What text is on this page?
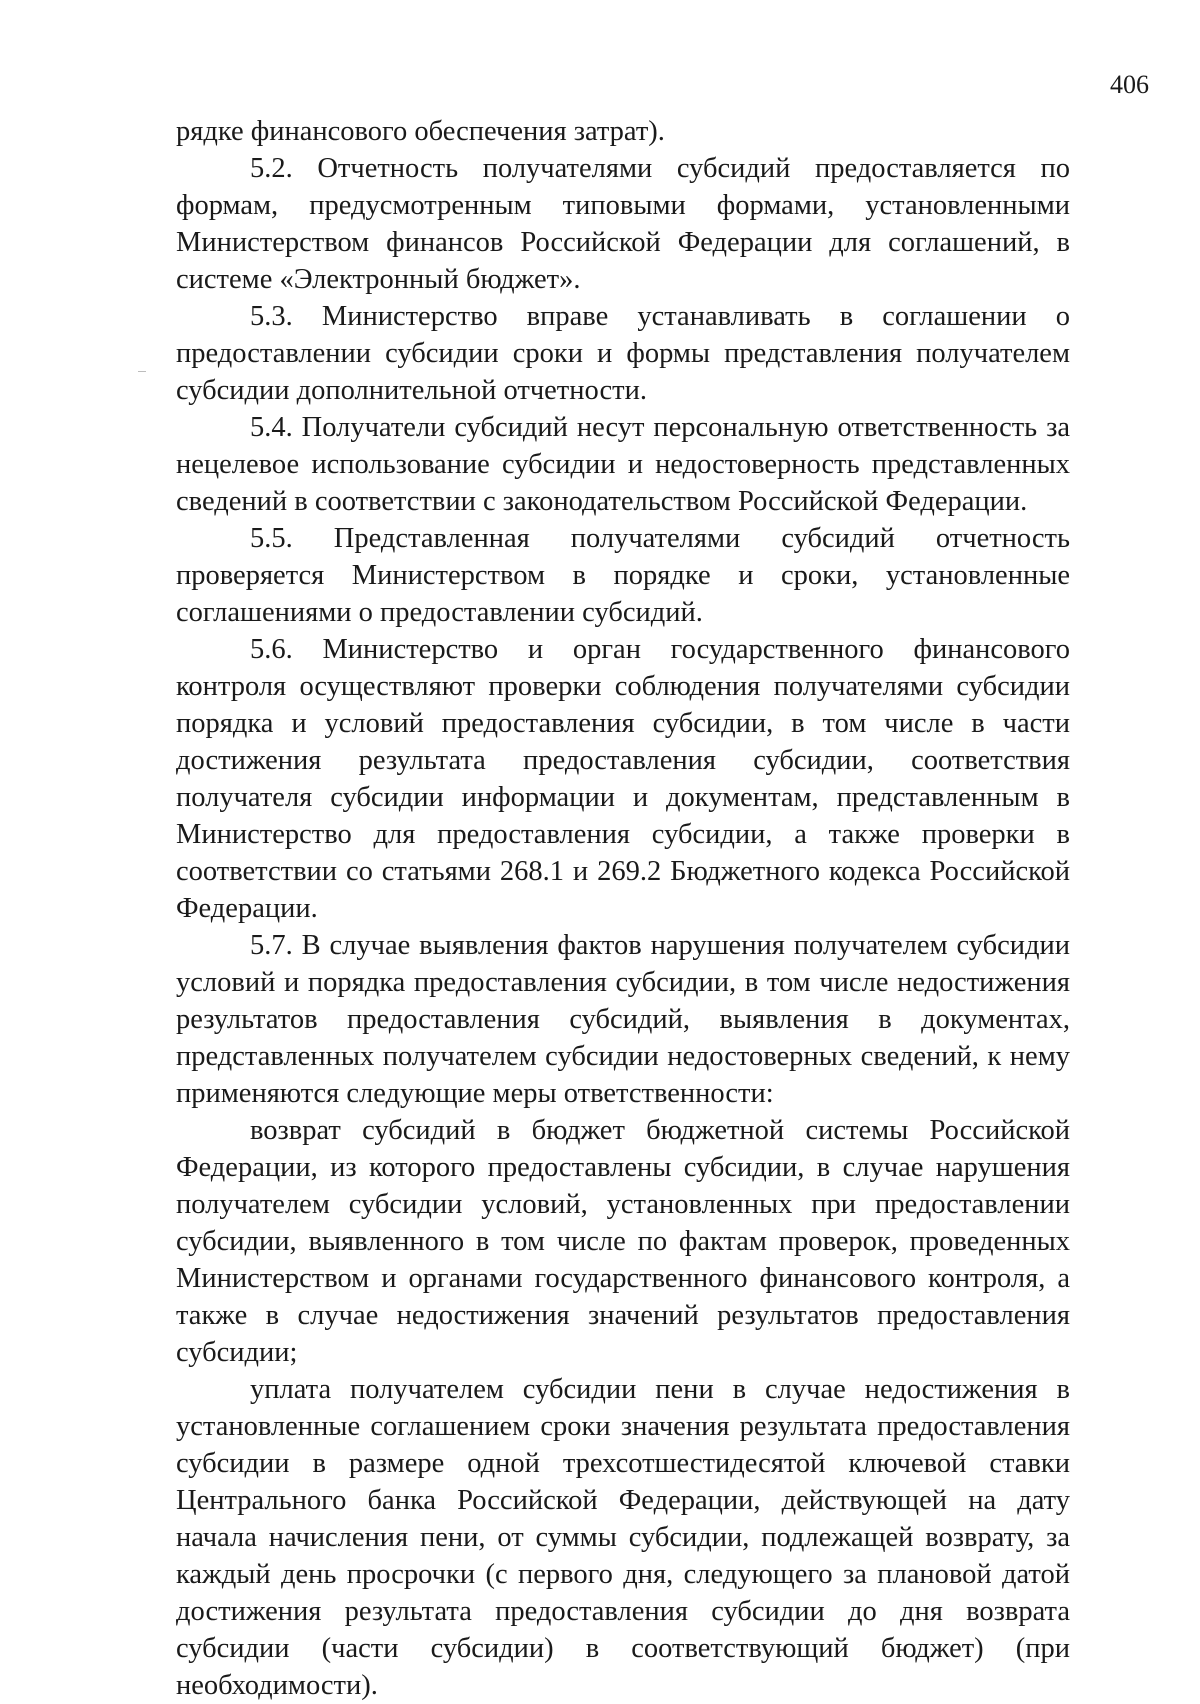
406

рядке финансового обеспечения затрат).

5.2. Отчетность получателями субсидий предоставляется по формам, предусмотренным типовыми формами, установленными Министерством финансов Российской Федерации для соглашений, в системе «Электронный бюджет».

5.3. Министерство вправе устанавливать в соглашении о предоставлении субсидии сроки и формы представления получателем субсидии дополнительной отчетности.

5.4. Получатели субсидий несут персональную ответственность за нецелевое использование субсидии и недостоверность представленных сведений в соответствии с законодательством Российской Федерации.

5.5. Представленная получателями субсидий отчетность проверяется Министерством в порядке и сроки, установленные соглашениями о предоставлении субсидий.

5.6. Министерство и орган государственного финансового контроля осуществляют проверки соблюдения получателями субсидии порядка и условий предоставления субсидии, в том числе в части достижения результата предоставления субсидии, соответствия получателя субсидии информации и документам, представленным в Министерство для предоставления субсидии, а также проверки в соответствии со статьями 268.1 и 269.2 Бюджетного кодекса Российской Федерации.

5.7. В случае выявления фактов нарушения получателем субсидии условий и порядка предоставления субсидии, в том числе недостижения результатов предоставления субсидий, выявления в документах, представленных получателем субсидии недостоверных сведений, к нему применяются следующие меры ответственности:

возврат субсидий в бюджет бюджетной системы Российской Федерации, из которого предоставлены субсидии, в случае нарушения получателем субсидии условий, установленных при предоставлении субсидии, выявленного в том числе по фактам проверок, проведенных Министерством и органами государственного финансового контроля, а также в случае недостижения значений результатов предоставления субсидии;

уплата получателем субсидии пени в случае недостижения в установленные соглашением сроки значения результата предоставления субсидии в размере одной трехсотшестидесятой ключевой ставки Центрального банка Российской Федерации, действующей на дату начала начисления пени, от суммы субсидии, подлежащей возврату, за каждый день просрочки (с первого дня, следующего за плановой датой достижения результата предоставления субсидии до дня возврата субсидии (части субсидии) в соответствующий бюджет) (при необходимости).
